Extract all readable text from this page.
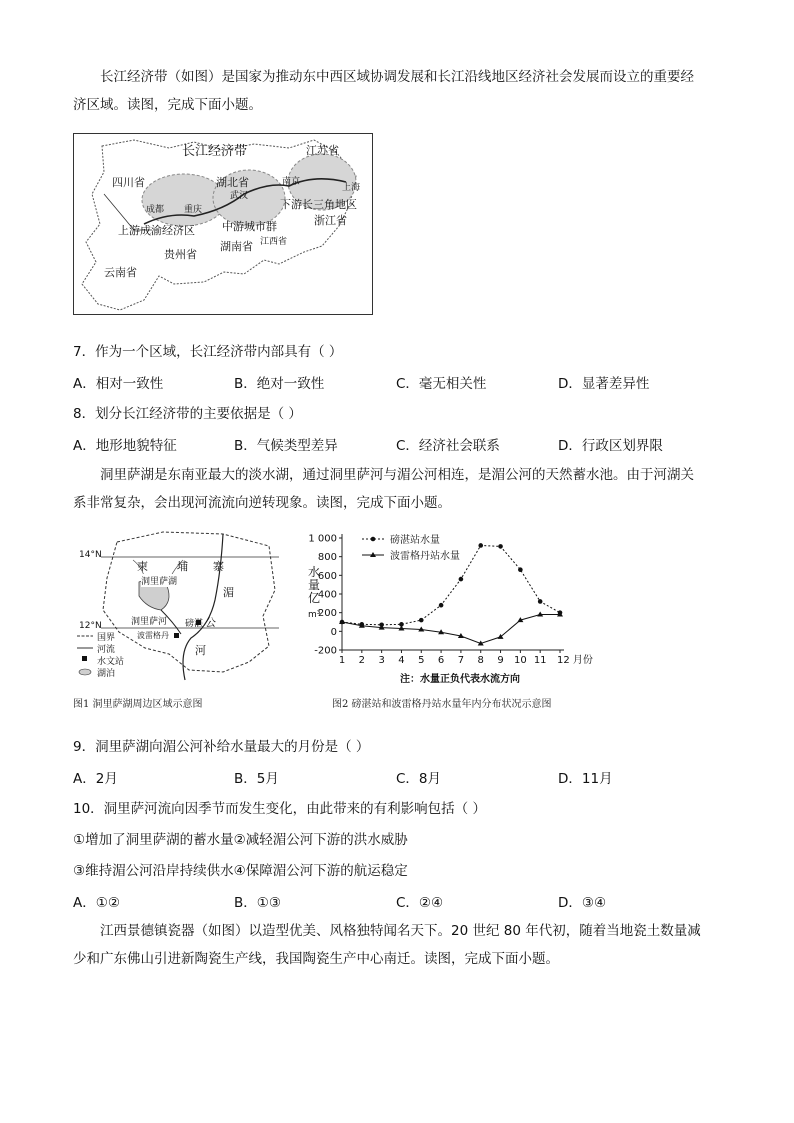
长江经济带（如图）是国家为推动东中西区域协调发展和长江沿线地区经济社会发展而设立的重要经

济区域。读图，完成下面小题。

长江经济带	江苏省
四川省	湖北省	南京
上海
武汉
成都 重庆	下游长三角地区
浙江省
上游成渝经济区 中游城市群
贵州省
湖南省 江西省
云南省
7．作为一个区域，长江经济带内部具有（ ）
A．相对一致性	B．绝对一致性	C．毫无相关性	D．显著差异性
8．划分长江经济带的主要依据是（ ）
A．地形地貌特征	B．气候类型差异	C．经济社会联系	D．行政区划界限

洞里萨湖是东南亚最大的淡水湖，通过洞里萨河与湄公河相连，是湄公河的天然蓄水池。由于河湖关

系非常复杂，会出现河流流向逆转现象。读图，完成下面小题。

14°N
12°N
柬	埔 寨
洞里萨湖
洞里萨河
湄
磅湛 公
河
波雷格丹
国界
河流
水文站
湖泊
图1 洞里萨湖周边区域示意图
1 000
800
600
400
200
0
-200
1 2 3 4 5 6 7 8 9 10 11 12 月份
水
量
亿
m³
磅湛站水量
波雷格丹站水量
注：水量正负代表水流方向
图2 磅湛站和波雷格丹站水量年内分布状况示意图
9．洞里萨湖向湄公河补给水量最大的月份是（ ）
A．2月	B．5月	C．8月	D．11月
10．洞里萨河流向因季节而发生变化，由此带来的有利影响包括（ ）
①增加了洞里萨湖的蓄水量②减轻湄公河下游的洪水威胁
③维持湄公河沿岸持续供水④保障湄公河下游的航运稳定
A．①②	B．①③	C．②④	D．③④

江西景德镇瓷器（如图）以造型优美、风格独特闻名天下。20 世纪 80 年代初，随着当地瓷土数量减

少和广东佛山引进新陶瓷生产线，我国陶瓷生产中心南迁。读图，完成下面小题。
